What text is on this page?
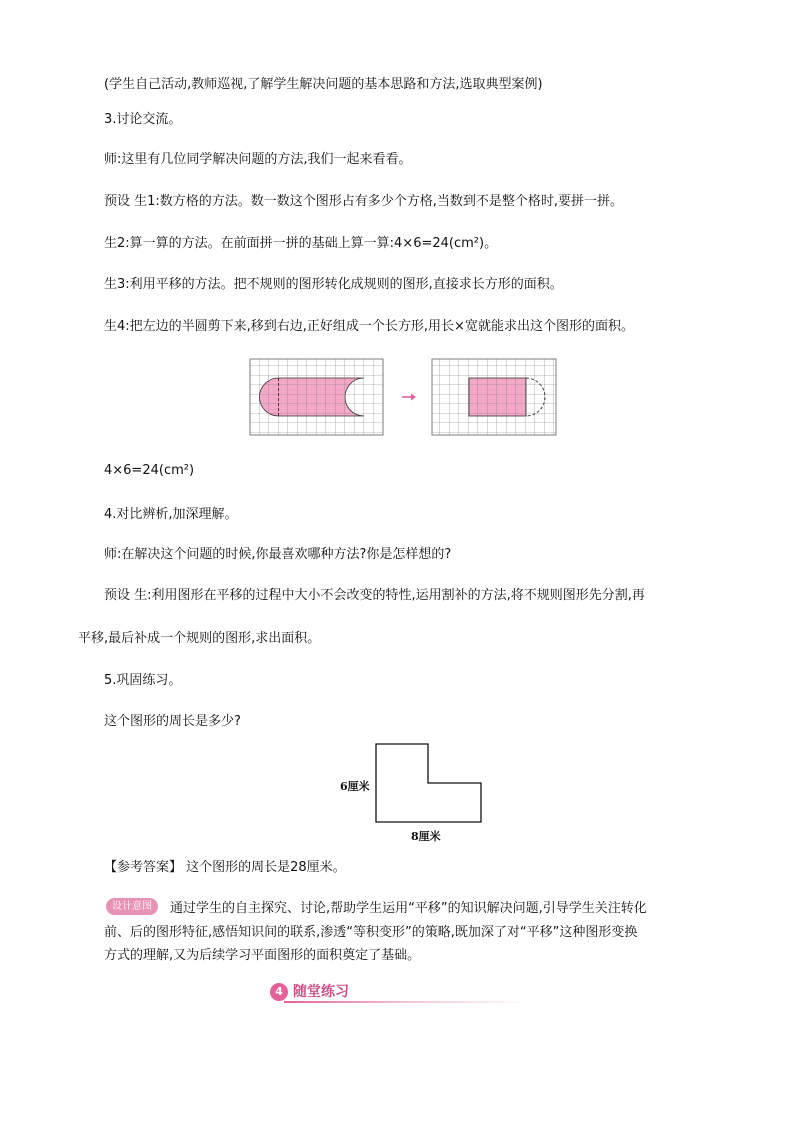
(学生自己活动,教师巡视,了解学生解决问题的基本思路和方法,选取典型案例)
3.讨论交流。
师:这里有几位同学解决问题的方法,我们一起来看看。
预设 生1:数方格的方法。数一数这个图形占有多少个方格,当数到不是整个格时,要拼一拼。
生2:算一算的方法。在前面拼一拼的基础上算一算:4×6=24(cm²)。
生3:利用平移的方法。把不规则的图形转化成规则的图形,直接求长方形的面积。
生4:把左边的半圆剪下来,移到右边,正好组成一个长方形,用长×宽就能求出这个图形的面积。
4×6=24(cm²)
4.对比辨析,加深理解。
师:在解决这个问题的时候,你最喜欢哪种方法?你是怎样想的?
预设 生:利用图形在平移的过程中大小不会改变的特性,运用割补的方法,将不规则图形先分割,再
平移,最后补成一个规则的图形,求出面积。
5.巩固练习。
这个图形的周长是多少?
6厘米
8厘米
【参考答案】 这个图形的周长是28厘米。
设计意图	通过学生的自主探究、讨论,帮助学生运用“平移”的知识解决问题,引导学生关注转化
前、后的图形特征,感悟知识间的联系,渗透“等积变形”的策略,既加深了对“平移”这种图形变换
方式的理解,又为后续学习平面图形的面积奠定了基础。
4 随堂练习
